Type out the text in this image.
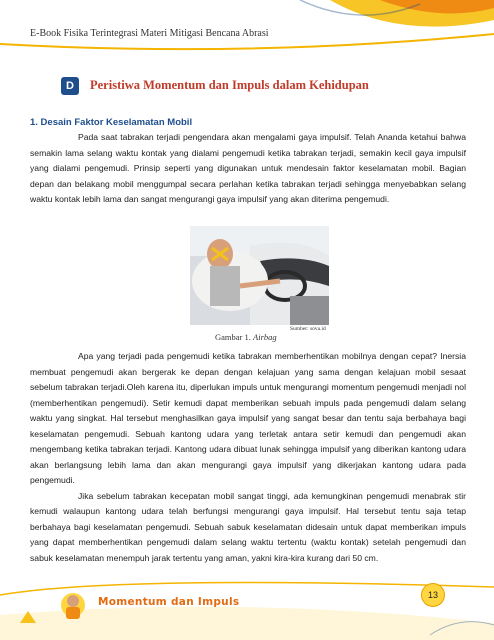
E-Book Fisika Terintegrasi Materi Mitigasi Bencana Abrasi
D	Peristiwa Momentum dan Impuls dalam Kehidupan
1. Desain Faktor Keselamatan Mobil

Pada saat tabrakan terjadi pengendara akan mengalami gaya impulsif. Telah Ananda ketahui bahwa semakin lama selang waktu kontak yang dialami pengemudi ketika tabrakan terjadi, semakin kecil gaya impulsif yang dialami pengemudi. Prinsip seperti yang digunakan untuk mendesain faktor keselamatan mobil. Bagian depan dan belakang mobil menggumpal secara perlahan ketika tabrakan terjadi sehingga menyebabkan selang waktu kontak lebih lama dan sangat mengurangi gaya impulsif yang akan diterima pengemudi.

Sumber: sova.id
Gambar 1. Airbag

Apa yang terjadi pada pengemudi ketika tabrakan memberhentikan mobilnya dengan cepat? Inersia membuat pengemudi akan bergerak ke depan dengan kelajuan yang sama dengan kelajuan mobil sesaat sebelum tabrakan terjadi.Oleh karena itu, diperlukan impuls untuk mengurangi momentum pengemudi menjadi nol (memberhentikan pengemudi). Setir kemudi dapat memberikan sebuah impuls pada pengemudi dalam selang waktu yang singkat. Hal tersebut menghasilkan gaya impulsif yang sangat besar dan tentu saja berbahaya bagi keselamatan pengemudi. Sebuah kantong udara yang terletak antara setir kemudi dan pengemudi akan mengembang ketika tabrakan terjadi. Kantong udara dibuat lunak sehingga impulsif yang diberikan kantong udara akan berlangsung lebih lama dan akan mengurangi gaya impulsif yang dikerjakan kantong udara pada pengemudi.

Jika sebelum tabrakan kecepatan mobil sangat tinggi, ada kemungkinan pengemudi menabrak stir kemudi walaupun kantong udara telah berfungsi mengurangi gaya impulsif. Hal tersebut tentu saja tetap berbahaya bagi keselamatan pengemudi. Sebuah sabuk keselamatan didesain untuk dapat memberikan impuls yang dapat memberhentikan pengemudi dalam selang waktu tertentu (waktu kontak) setelah pengemudi dan sabuk keselamatan menempuh jarak tertentu yang aman, yakni kira-kira kurang dari 50 cm.

Momentum dan Impuls
13
